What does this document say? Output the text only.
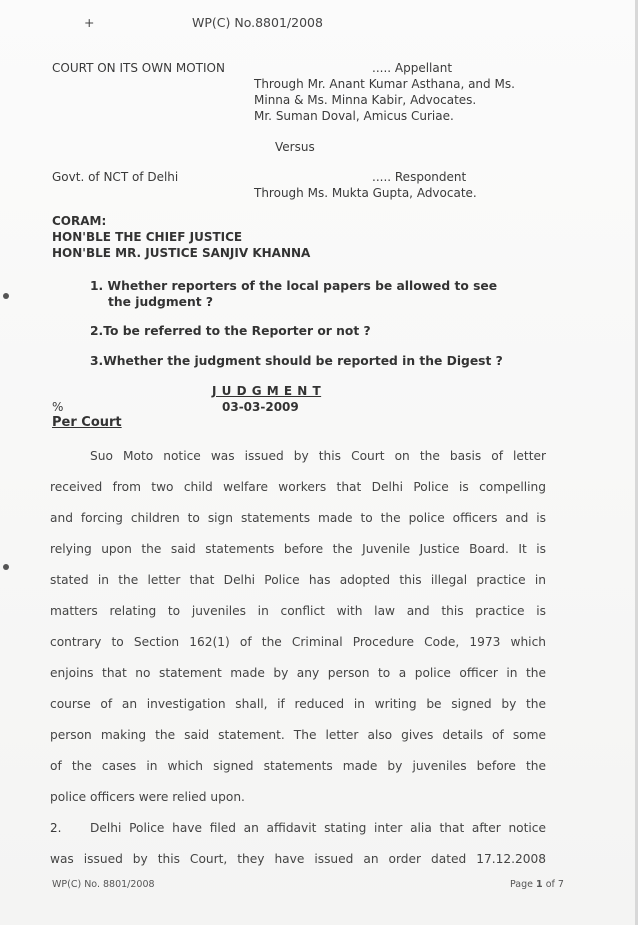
+	WP(C) No.8801/2008
COURT ON ITS OWN MOTION	..... Appellant
Through Mr. Anant Kumar Asthana, and Ms.
Minna & Ms. Minna Kabir, Advocates.
Mr. Suman Doval, Amicus Curiae.
Versus
Govt. of NCT of Delhi	..... Respondent
Through Ms. Mukta Gupta, Advocate.
CORAM:
HON'BLE THE CHIEF JUSTICE
HON'BLE MR. JUSTICE SANJIV KHANNA
1. Whether reporters of the local papers be allowed to see
the judgment ?
2.To be referred to the Reporter or not ?
3.Whether the judgment should be reported in the Digest ?
J U D G M E N T
%	03-03-2009
Per Court
Suo Moto notice was issued by this Court on the basis of letter
received from two child welfare workers that Delhi Police is compelling
and forcing children to sign statements made to the police officers and is
relying upon the said statements before the Juvenile Justice Board. It is
stated in the letter that Delhi Police has adopted this illegal practice in
matters relating to juveniles in conflict with law and this practice is
contrary to Section 162(1) of the Criminal Procedure Code, 1973 which
enjoins that no statement made by any person to a police officer in the
course of an investigation shall, if reduced in writing be signed by the
person making the said statement. The letter also gives details of some
of the cases in which signed statements made by juveniles before the
police officers were relied upon.
2.	Delhi Police have filed an affidavit stating inter alia that after notice
was issued by this Court, they have issued an order dated 17.12.2008
WP(C) No. 8801/2008	Page 1 of 7
